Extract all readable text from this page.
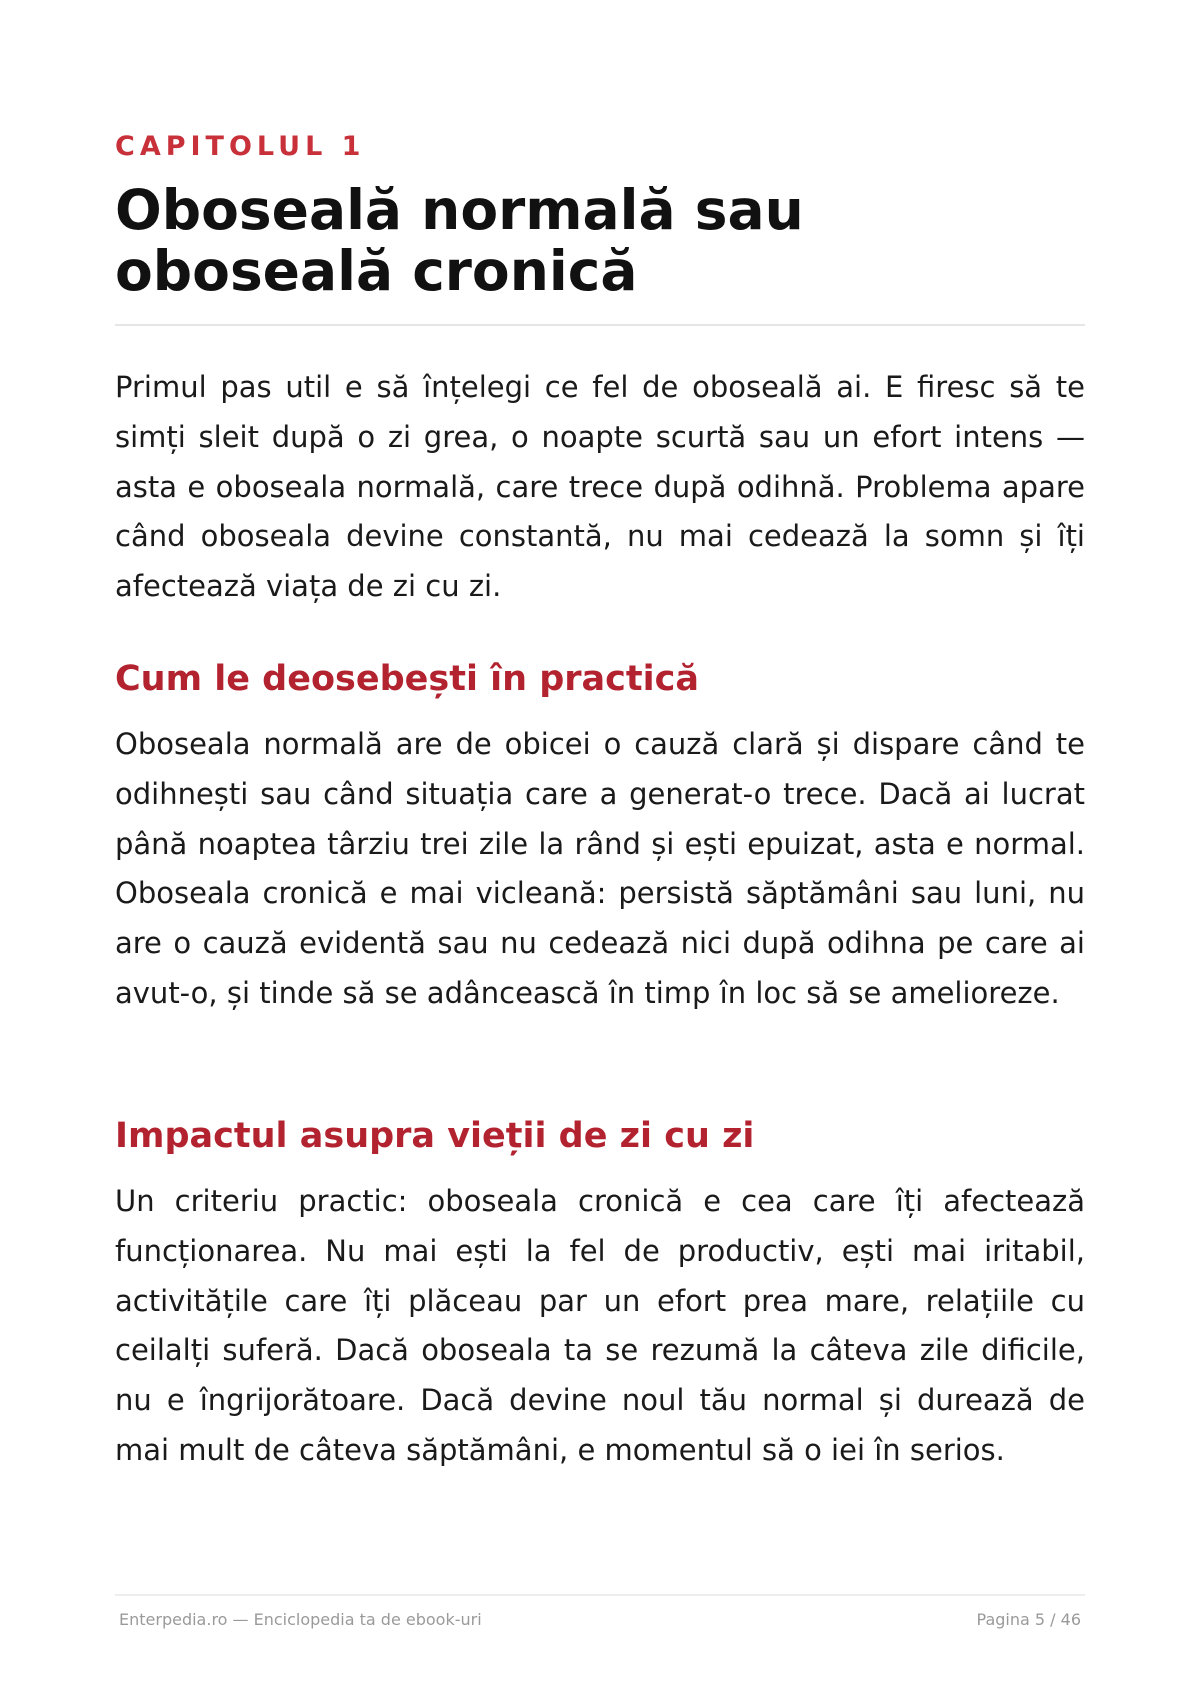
CAPITOLUL 1
Oboseală normală sau oboseală cronică

Primul pas util e să înțelegi ce fel de oboseală ai. E firesc să te simți sleit după o zi grea, o noapte scurtă sau un efort intens — asta e oboseala normală, care trece după odihnă. Problema apare când oboseala devine constantă, nu mai cedează la somn și îți afectează viața de zi cu zi.

Cum le deosebești în practică

Oboseala normală are de obicei o cauză clară și dispare când te odihnești sau când situația care a generat-o trece. Dacă ai lucrat până noaptea târziu trei zile la rând și ești epuizat, asta e normal. Oboseala cronică e mai vicleană: persistă săptămâni sau luni, nu are o cauză evidentă sau nu cedează nici după odihna pe care ai avut-o, și tinde să se adâncească în timp în loc să se amelioreze.

Impactul asupra vieții de zi cu zi

Un criteriu practic: oboseala cronică e cea care îți afectează funcționarea. Nu mai ești la fel de productiv, ești mai iritabil, activitățile care îți plăceau par un efort prea mare, relațiile cu ceilalți suferă. Dacă oboseala ta se rezumă la câteva zile dificile, nu e îngrijorătoare. Dacă devine noul tău normal și durează de mai mult de câteva săptămâni, e momentul să o iei în serios.

Enterpedia.ro — Enciclopedia ta de ebook-uri	Pagina 5 / 46
